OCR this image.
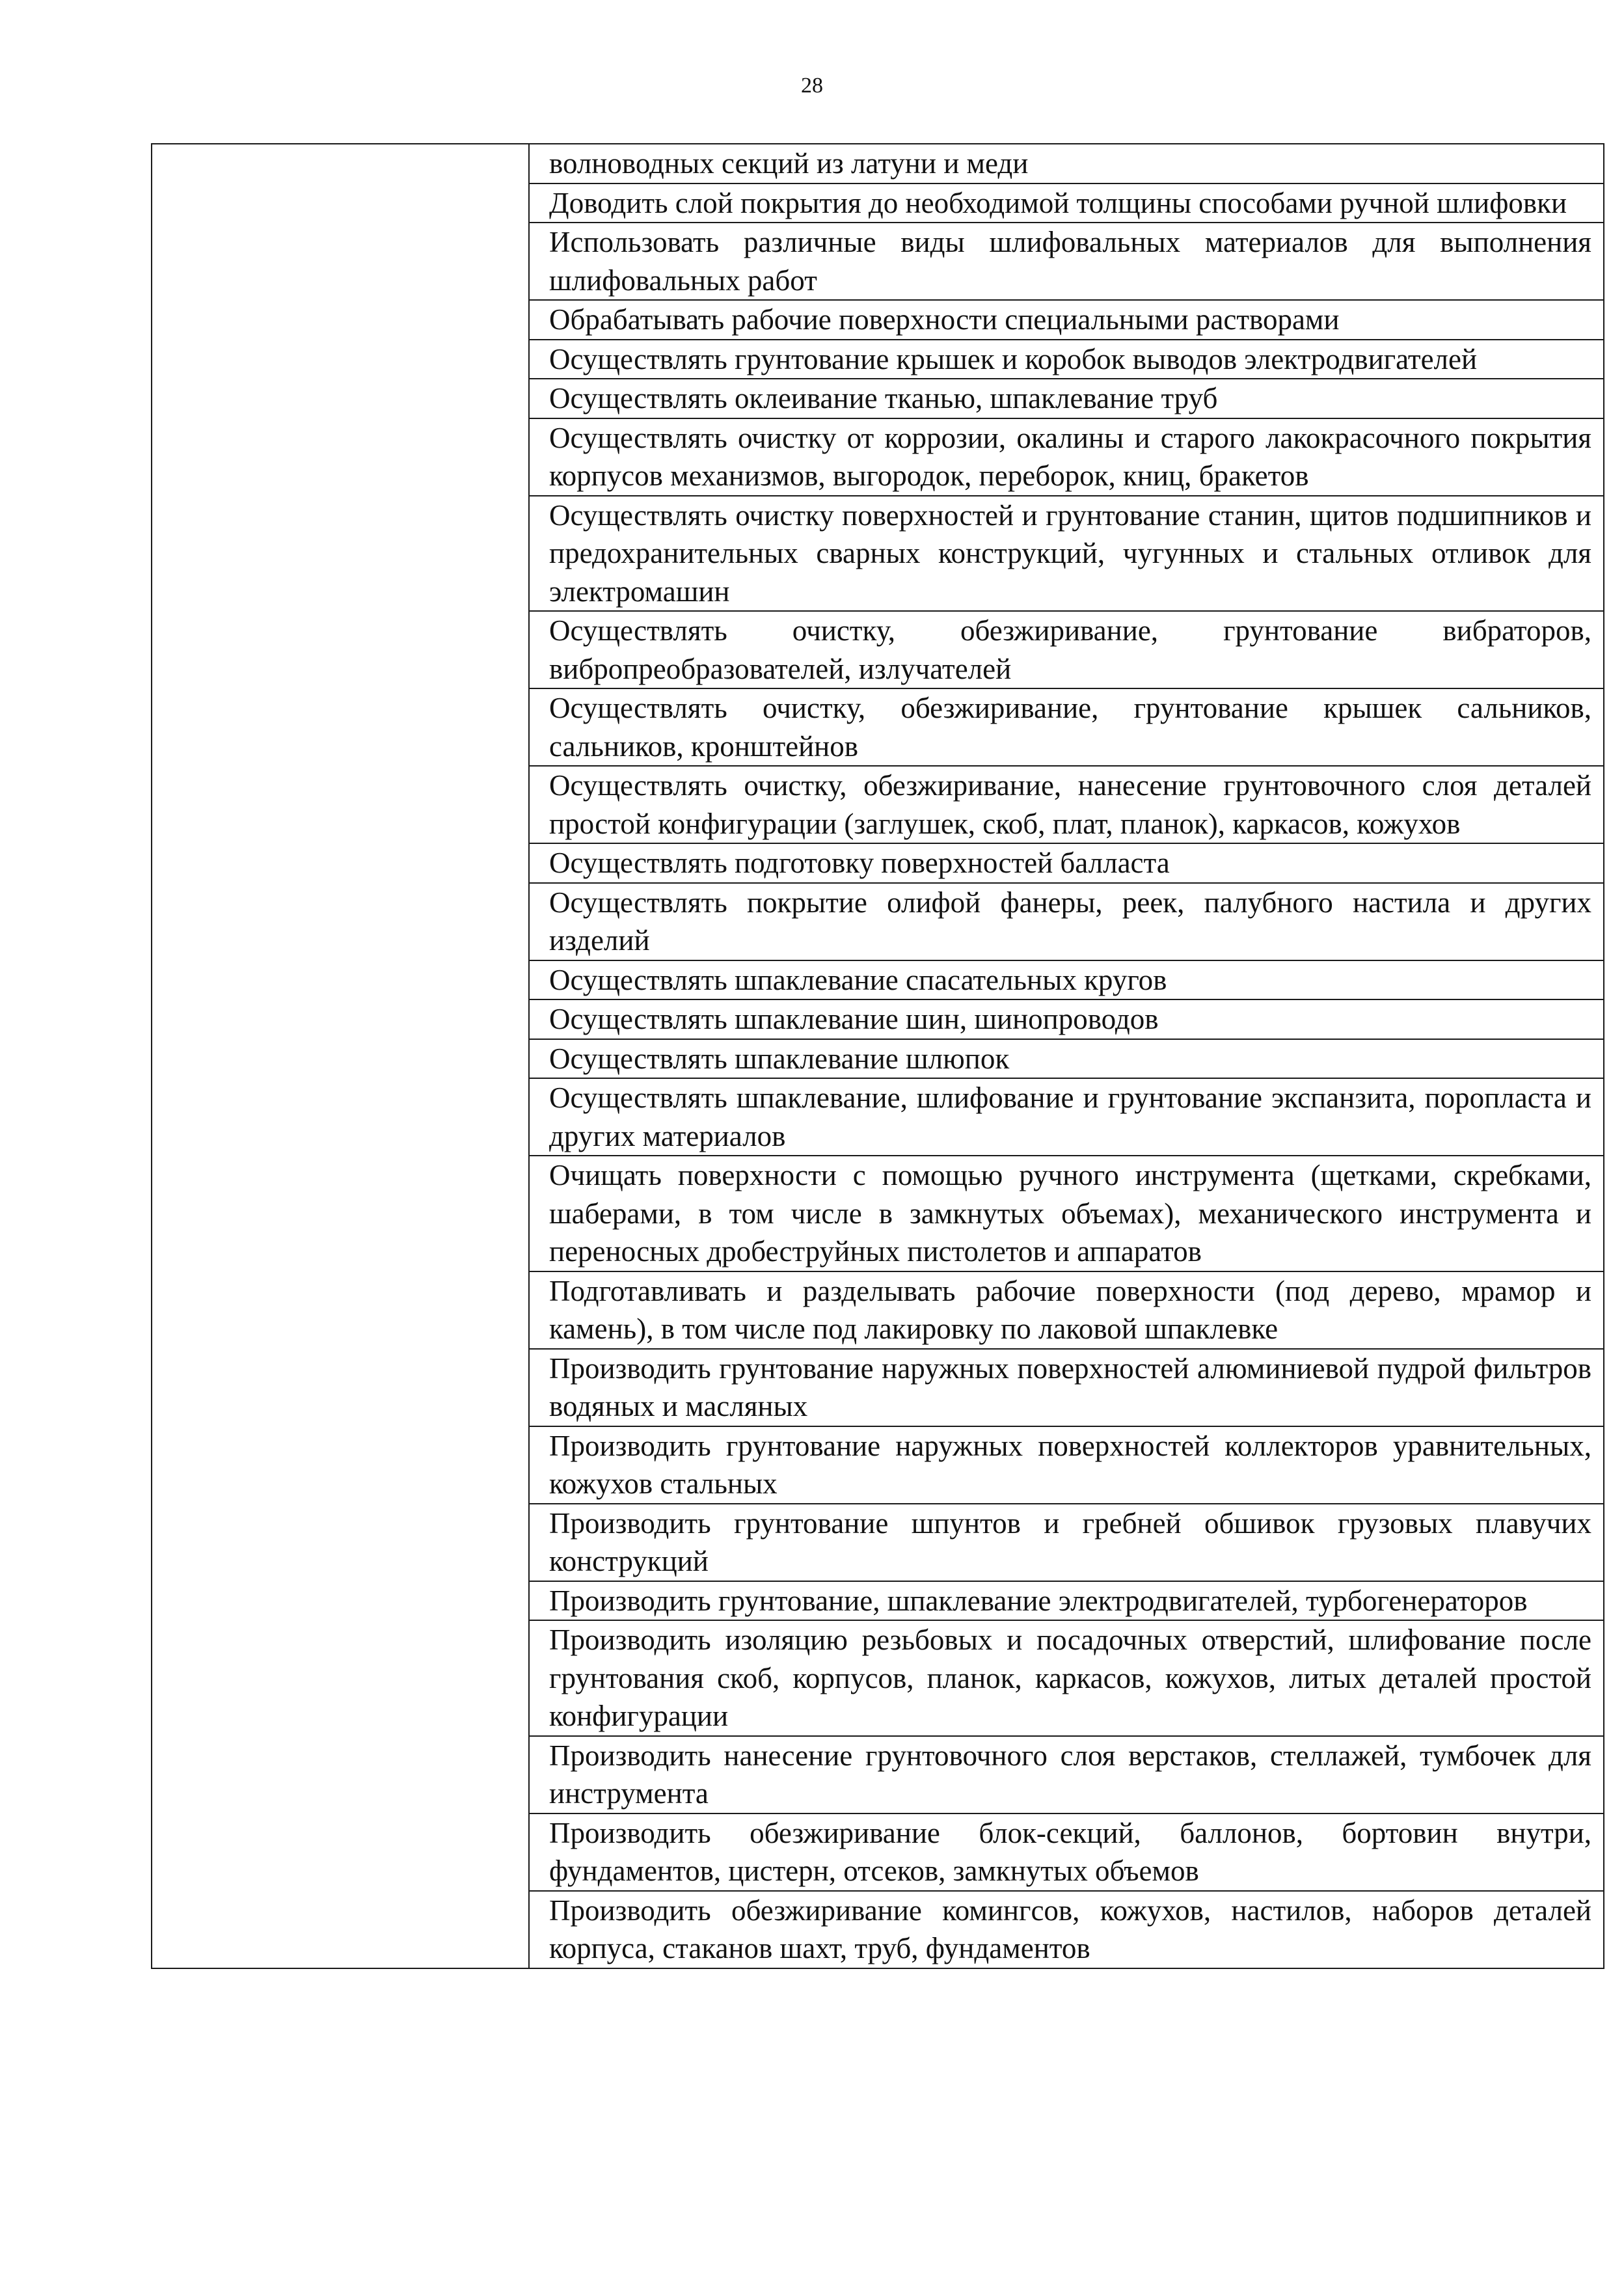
28

волноводных секций из латуни и меди
Доводить слой покрытия до необходимой толщины способами ручной шлифовки
Использовать различные виды шлифовальных материалов для выполнения шлифовальных работ
Обрабатывать рабочие поверхности специальными растворами
Осуществлять грунтование крышек и коробок выводов электродвигателей
Осуществлять оклеивание тканью, шпаклевание труб
Осуществлять очистку от коррозии, окалины и старого лакокрасочного покрытия корпусов механизмов, выгородок, переборок, книц, бракетов
Осуществлять очистку поверхностей и грунтование станин, щитов подшипников и предохранительных сварных конструкций, чугунных и стальных отливок для электромашин
Осуществлять очистку, обезжиривание, грунтование вибраторов, вибропреобразователей, излучателей
Осуществлять очистку, обезжиривание, грунтование крышек сальников, сальников, кронштейнов
Осуществлять очистку, обезжиривание, нанесение грунтовочного слоя деталей простой конфигурации (заглушек, скоб, плат, планок), каркасов, кожухов
Осуществлять подготовку поверхностей балласта
Осуществлять покрытие олифой фанеры, реек, палубного настила и других изделий
Осуществлять шпаклевание спасательных кругов
Осуществлять шпаклевание шин, шинопроводов
Осуществлять шпаклевание шлюпок
Осуществлять шпаклевание, шлифование и грунтование экспанзита, поропласта и других материалов
Очищать поверхности с помощью ручного инструмента (щетками, скребками, шаберами, в том числе в замкнутых объемах), механического инструмента и переносных дробеструйных пистолетов и аппаратов
Подготавливать и разделывать рабочие поверхности (под дерево, мрамор и камень), в том числе под лакировку по лаковой шпаклевке
Производить грунтование наружных поверхностей алюминиевой пудрой фильтров водяных и масляных
Производить грунтование наружных поверхностей коллекторов уравнительных, кожухов стальных
Производить грунтование шпунтов и гребней обшивок грузовых плавучих конструкций
Производить грунтование, шпаклевание электродвигателей, турбогенераторов
Производить изоляцию резьбовых и посадочных отверстий, шлифование после грунтования скоб, корпусов, планок, каркасов, кожухов, литых деталей простой конфигурации
Производить нанесение грунтовочного слоя верстаков, стеллажей, тумбочек для инструмента
Производить обезжиривание блок-секций, баллонов, бортовин внутри, фундаментов, цистерн, отсеков, замкнутых объемов
Производить обезжиривание комингсов, кожухов, настилов, наборов деталей корпуса, стаканов шахт, труб, фундаментов
